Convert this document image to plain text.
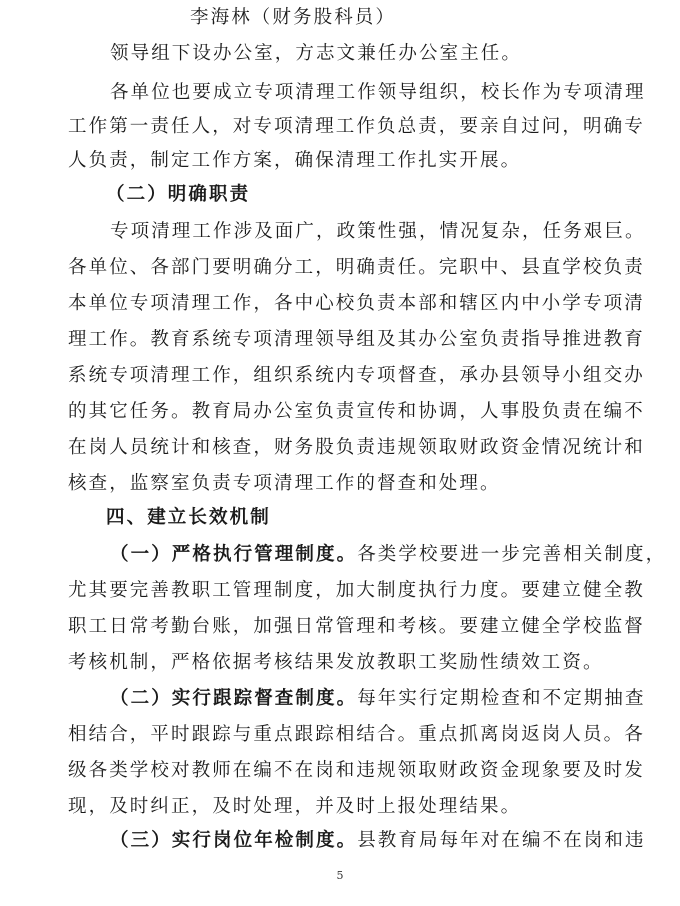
李海林（财务股科员）
领导组下设办公室，方志文兼任办公室主任。
各单位也要成立专项清理工作领导组织，校长作为专项清理
工作第一责任人，对专项清理工作负总责，要亲自过问，明确专
人负责，制定工作方案，确保清理工作扎实开展。
（二）明确职责
专项清理工作涉及面广，政策性强，情况复杂，任务艰巨。
各单位、各部门要明确分工，明确责任。完职中、县直学校负责
本单位专项清理工作，各中心校负责本部和辖区内中小学专项清
理工作。教育系统专项清理领导组及其办公室负责指导推进教育
系统专项清理工作，组织系统内专项督查，承办县领导小组交办
的其它任务。教育局办公室负责宣传和协调，人事股负责在编不
在岗人员统计和核查，财务股负责违规领取财政资金情况统计和
核查，监察室负责专项清理工作的督查和处理。
四、建立长效机制
（一）严格执行管理制度。各类学校要进一步完善相关制度，
尤其要完善教职工管理制度，加大制度执行力度。要建立健全教
职工日常考勤台账，加强日常管理和考核。要建立健全学校监督
考核机制，严格依据考核结果发放教职工奖励性绩效工资。
（二）实行跟踪督查制度。每年实行定期检查和不定期抽查
相结合，平时跟踪与重点跟踪相结合。重点抓离岗返岗人员。各
级各类学校对教师在编不在岗和违规领取财政资金现象要及时发
现，及时纠正，及时处理，并及时上报处理结果。
（三）实行岗位年检制度。县教育局每年对在编不在岗和违
5
